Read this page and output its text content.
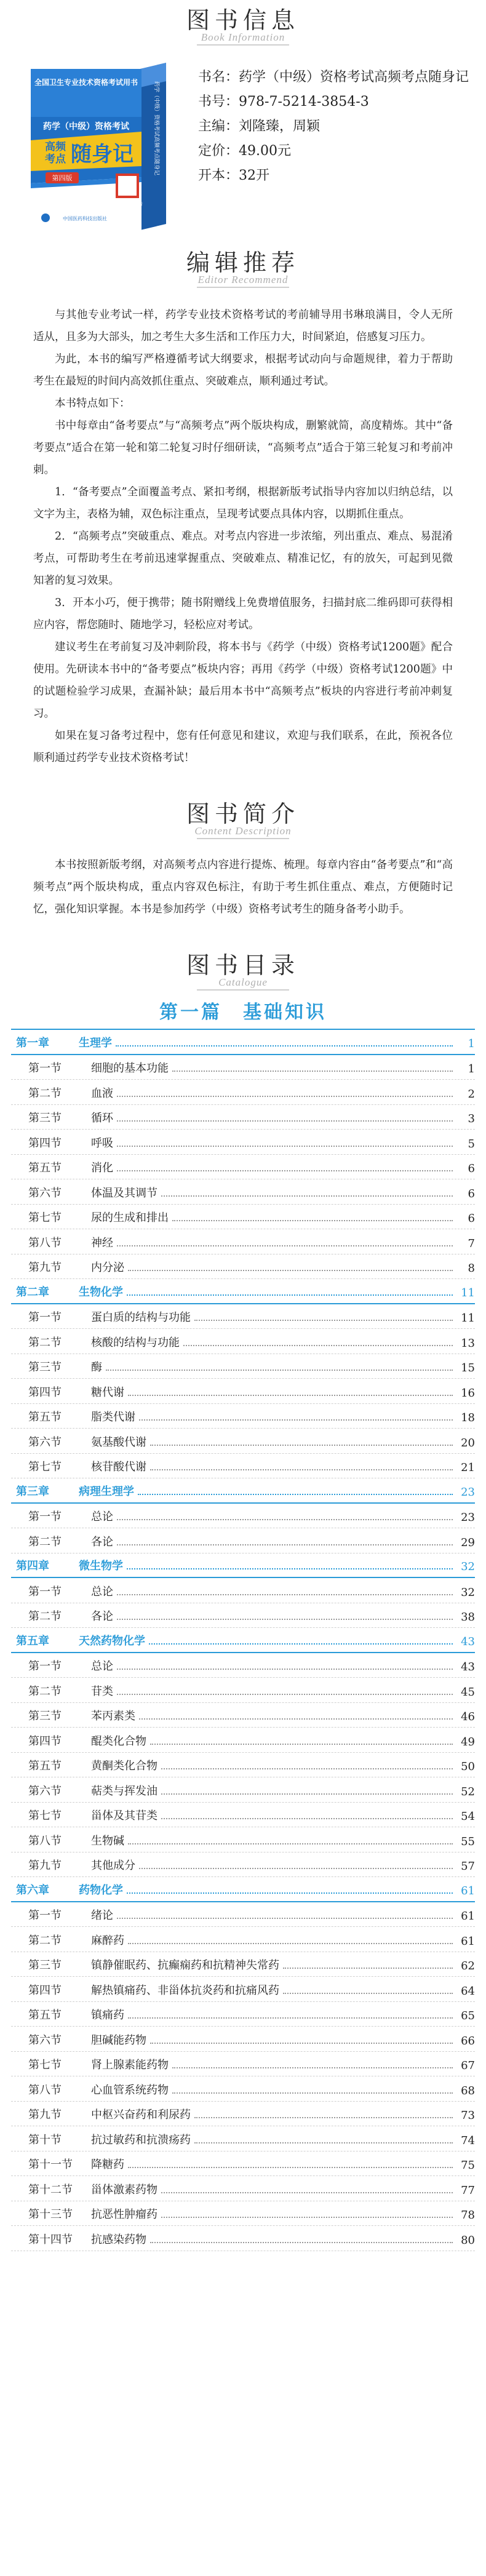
图书信息
Book Information
全国卫生专业技术资格考试用书
药学（中级）资格考试
高频
考点 随身记
第四版
扫码有好课 立即听
中国医药科技出版社
药学（中级）资格考试高频考点随身记
书名： 药学（中级）资格考试高频考点随身记
书号： 978-7-5214-3854-3
主编： 刘隆臻，周颖
定价： 49.00元
开本： 32开
编辑推荐
Editor Recommend

与其他专业考试一样，药学专业技术资格考试的考前辅导用书琳琅满目，令人无所适从，且多为大部头，加之考生大多生活和工作压力大，时间紧迫，倍感复习压力。

为此，本书的编写严格遵循考试大纲要求，根据考试动向与命题规律，着力于帮助考生在最短的时间内高效抓住重点、突破难点，顺利通过考试。

本书特点如下：

书中每章由“备考要点”与“高频考点”两个版块构成，删繁就简，高度精炼。其中“备考要点”适合在第一轮和第二轮复习时仔细研读，“高频考点”适合于第三轮复习和考前冲刺。

1．“备考要点”全面覆盖考点、紧扣考纲，根据新版考试指导内容加以归纳总结，以文字为主，表格为辅，双色标注重点，呈现考试要点具体内容，以期抓住重点。

2．“高频考点”突破重点、难点。对考点内容进一步浓缩，列出重点、难点、易混淆考点，可帮助考生在考前迅速掌握重点、突破难点、精准记忆，有的放矢，可起到见微知著的复习效果。

3．开本小巧，便于携带；随书附赠线上免费增值服务，扫描封底二维码即可获得相应内容，帮您随时、随地学习，轻松应对考试。

建议考生在考前复习及冲刺阶段，将本书与《药学（中级）资格考试1200题》配合使用。先研读本书中的“备考要点”板块内容；再用《药学（中级）资格考试1200题》中的试题检验学习成果，查漏补缺；最后用本书中“高频考点”板块的内容进行考前冲刺复习。

如果在复习备考过程中，您有任何意见和建议，欢迎与我们联系，在此，预祝各位顺利通过药学专业技术资格考试！

图书简介
Content Description

本书按照新版考纲，对高频考点内容进行提炼、梳理。每章内容由“备考要点”和“高频考点”两个版块构成，重点内容双色标注，有助于考生抓住重点、难点，方便随时记忆，强化知识掌握。本书是参加药学（中级）资格考试考生的随身备考小助手。

图书目录
Catalogue
第一篇　基础知识
第一章	生理学	1
第一节	细胞的基本功能	1
第二节	血液	2
第三节	循环	3
第四节	呼吸	5
第五节	消化	6
第六节	体温及其调节	6
第七节	尿的生成和排出	6
第八节	神经	7
第九节	内分泌	8
第二章	生物化学	11
第一节	蛋白质的结构与功能	11
第二节	核酸的结构与功能	13
第三节	酶	15
第四节	糖代谢	16
第五节	脂类代谢	18
第六节	氨基酸代谢	20
第七节	核苷酸代谢	21
第三章	病理生理学	23
第一节	总论	23
第二节	各论	29
第四章	微生物学	32
第一节	总论	32
第二节	各论	38
第五章	天然药物化学	43
第一节	总论	43
第二节	苷类	45
第三节	苯丙素类	46
第四节	醌类化合物	49
第五节	黄酮类化合物	50
第六节	萜类与挥发油	52
第七节	甾体及其苷类	54
第八节	生物碱	55
第九节	其他成分	57
第六章	药物化学	61
第一节	绪论	61
第二节	麻醉药	61
第三节	镇静催眠药、抗癫痫药和抗精神失常药	62
第四节	解热镇痛药、非甾体抗炎药和抗痛风药	64
第五节	镇痛药	65
第六节	胆碱能药物	66
第七节	肾上腺素能药物	67
第八节	心血管系统药物	68
第九节	中枢兴奋药和利尿药	73
第十节	抗过敏药和抗溃疡药	74
第十一节	降糖药	75
第十二节	甾体激素药物	77
第十三节	抗恶性肿瘤药	78
第十四节	抗感染药物	80
